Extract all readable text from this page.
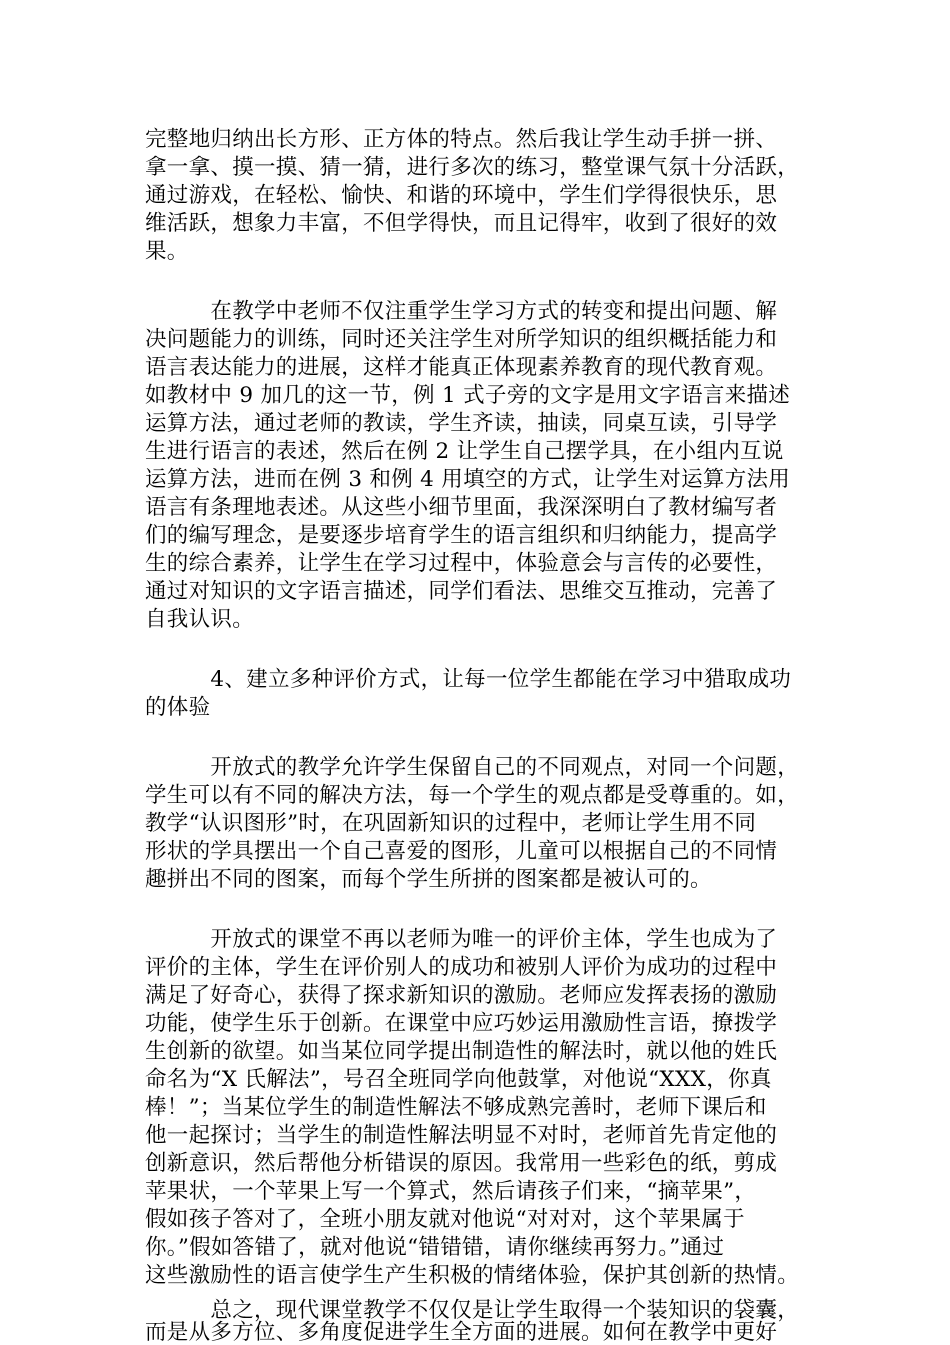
完整地归纳出长方形、正方体的特点。然后我让学生动手拼一拼、
拿一拿、摸一摸、猜一猜，进行多次的练习，整堂课气氛十分活跃，
通过游戏，在轻松、愉快、和谐的环境中，学生们学得很快乐，思
维活跃，想象力丰富，不但学得快，而且记得牢，收到了很好的效
果。
　　　在教学中老师不仅注重学生学习方式的转变和提出问题、解
决问题能力的训练，同时还关注学生对所学知识的组织概括能力和
语言表达能力的进展，这样才能真正体现素养教育的现代教育观。
如教材中 9 加几的这一节，例 1 式子旁的文字是用文字语言来描述
运算方法，通过老师的教读，学生齐读，抽读，同桌互读，引导学
生进行语言的表述，然后在例 2 让学生自己摆学具，在小组内互说
运算方法，进而在例 3 和例 4 用填空的方式，让学生对运算方法用
语言有条理地表述。从这些小细节里面，我深深明白了教材编写者
们的编写理念，是要逐步培育学生的语言组织和归纳能力，提高学
生的综合素养，让学生在学习过程中，体验意会与言传的必要性，
通过对知识的文字语言描述，同学们看法、思维交互推动，完善了
自我认识。
　　　4、建立多种评价方式，让每一位学生都能在学习中猎取成功
的体验
　　　开放式的教学允许学生保留自己的不同观点，对同一个问题，
学生可以有不同的解决方法，每一个学生的观点都是受尊重的。如，
教学“认识图形”时，在巩固新知识的过程中，老师让学生用不同
形状的学具摆出一个自己喜爱的图形，儿童可以根据自己的不同情
趣拼出不同的图案，而每个学生所拼的图案都是被认可的。
　　　开放式的课堂不再以老师为唯一的评价主体，学生也成为了
评价的主体，学生在评价别人的成功和被别人评价为成功的过程中
满足了好奇心，获得了探求新知识的激励。老师应发挥表扬的激励
功能，使学生乐于创新。在课堂中应巧妙运用激励性言语，撩拨学
生创新的欲望。如当某位同学提出制造性的解法时，就以他的姓氏
命名为“X 氏解法”，号召全班同学向他鼓掌，对他说“XXX，你真
棒！”；当某位学生的制造性解法不够成熟完善时，老师下课后和
他一起探讨；当学生的制造性解法明显不对时，老师首先肯定他的
创新意识，然后帮他分析错误的原因。我常用一些彩色的纸，剪成
苹果状，一个苹果上写一个算式，然后请孩子们来，“摘苹果”，
假如孩子答对了，全班小朋友就对他说“对对对，这个苹果属于
你。”假如答错了，就对他说“错错错，请你继续再努力。”通过
这些激励性的语言使学生产生积极的情绪体验，保护其创新的热情。
　　　总之，现代课堂教学不仅仅是让学生取得一个装知识的袋囊，
而是从多方位、多角度促进学生全方面的进展。如何在教学中更好
